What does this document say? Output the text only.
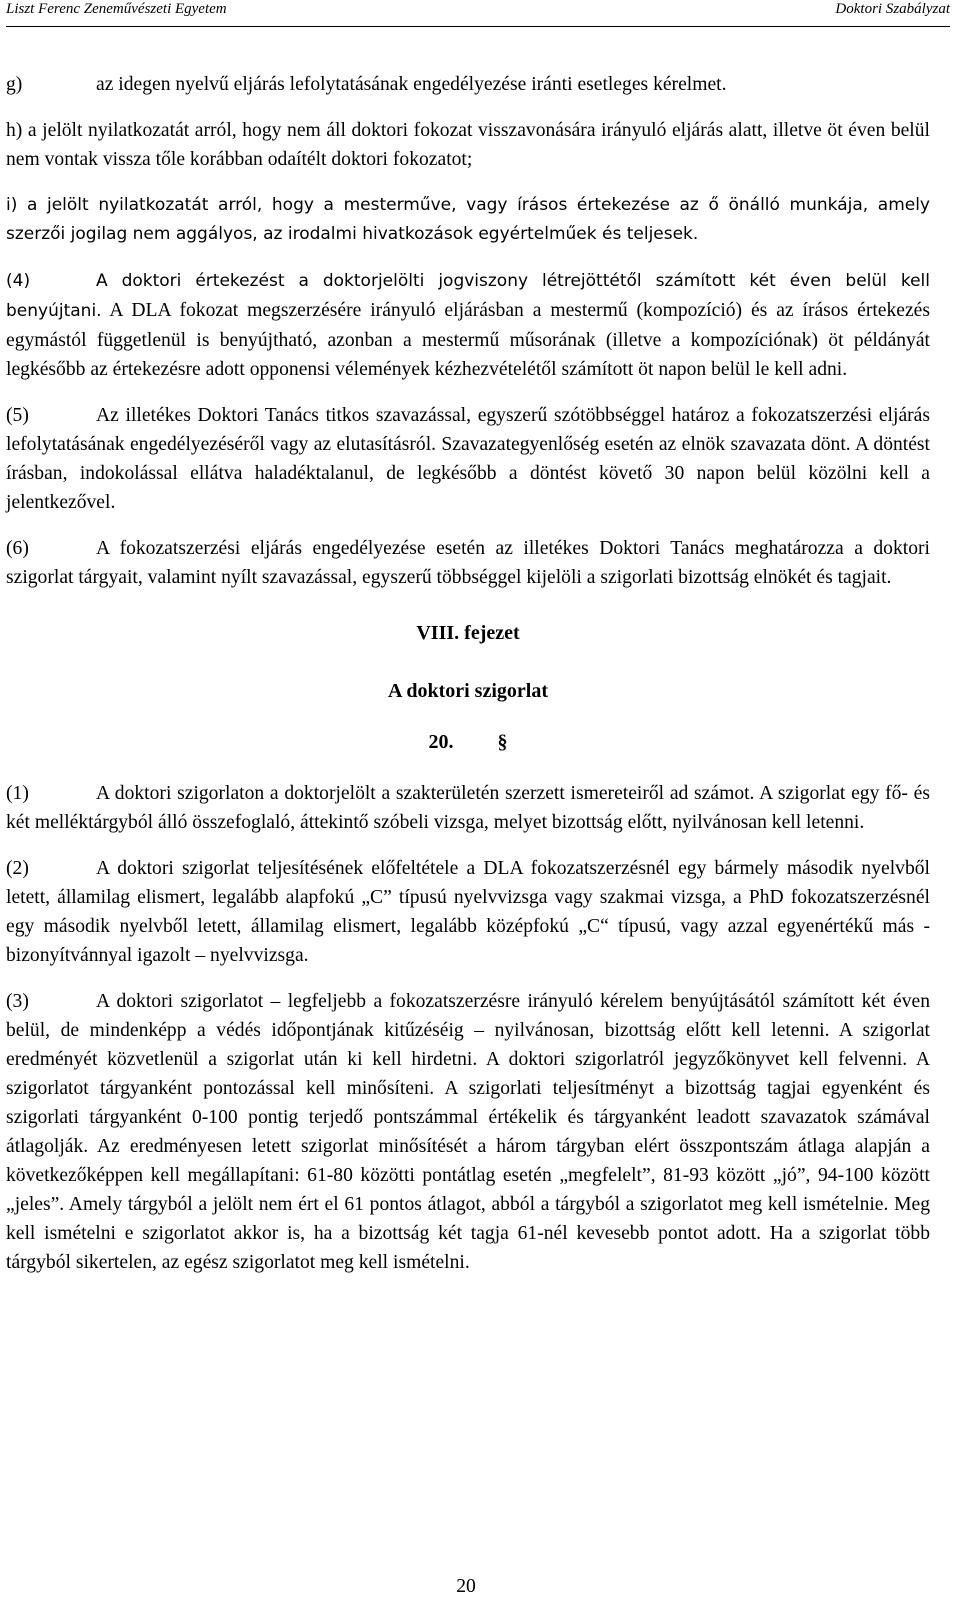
Liszt Ferenc Zeneművészeti Egyetem	Doktori Szabályzat

g)	az idegen nyelvű eljárás lefolytatásának engedélyezése iránti esetleges kérelmet.

h) a jelölt nyilatkozatát arról, hogy nem áll doktori fokozat visszavonására irányuló eljárás alatt, illetve öt éven belül nem vontak vissza tőle korábban odaítélt doktori fokozatot;

i) a jelölt nyilatkozatát arról, hogy a mesterműve, vagy írásos értekezése az ő önálló munkája, amely szerzői jogilag nem aggályos, az irodalmi hivatkozások egyértelműek és teljesek.

(4)	A doktori értekezést a doktorjelölti jogviszony létrejöttétől számított két éven belül kell benyújtani. A DLA fokozat megszerzésére irányuló eljárásban a mestermű (kompozíció) és az írásos értekezés egymástól függetlenül is benyújtható, azonban a mestermű műsorának (illetve a kompozíciónak) öt példányát legkésőbb az értekezésre adott opponensi vélemények kézhezvételétől számított öt napon belül le kell adni.

(5)	Az illetékes Doktori Tanács titkos szavazással, egyszerű szótöbbséggel határoz a fokozatszerzési eljárás lefolytatásának engedélyezéséről vagy az elutasításról. Szavazategyenlőség esetén az elnök szavazata dönt. A döntést írásban, indokolással ellátva haladéktalanul, de legkésőbb a döntést követő 30 napon belül közölni kell a jelentkezővel.

(6)	A fokozatszerzési eljárás engedélyezése esetén az illetékes Doktori Tanács meghatározza a doktori szigorlat tárgyait, valamint nyílt szavazással, egyszerű többséggel kijelöli a szigorlati bizottság elnökét és tagjait.

VIII. fejezet
A doktori szigorlat
20. §

(1)	A doktori szigorlaton a doktorjelölt a szakterületén szerzett ismereteiről ad számot. A szigorlat egy fő- és két melléktárgyból álló összefoglaló, áttekintő szóbeli vizsga, melyet bizottság előtt, nyilvánosan kell letenni.

(2)	A doktori szigorlat teljesítésének előfeltétele a DLA fokozatszerzésnél egy bármely második nyelvből letett, államilag elismert, legalább alapfokú „C” típusú nyelvvizsga vagy szakmai vizsga, a PhD fokozatszerzésnél egy második nyelvből letett, államilag elismert, legalább középfokú „C“ típusú, vagy azzal egyenértékű más - bizonyítvánnyal igazolt – nyelvvizsga.

(3)	A doktori szigorlatot – legfeljebb a fokozatszerzésre irányuló kérelem benyújtásától számított két éven belül, de mindenképp a védés időpontjának kitűzéséig – nyilvánosan, bizottság előtt kell letenni. A szigorlat eredményét közvetlenül a szigorlat után ki kell hirdetni. A doktori szigorlatról jegyzőkönyvet kell felvenni. A szigorlatot tárgyanként pontozással kell minősíteni. A szigorlati teljesítményt a bizottság tagjai egyenként és szigorlati tárgyanként 0-100 pontig terjedő pontszámmal értékelik és tárgyanként leadott szavazatok számával átlagolják. Az eredményesen letett szigorlat minősítését a három tárgyban elért összpontszám átlaga alapján a következőképpen kell megállapítani: 61-80 közötti pontátlag esetén „megfelelt”, 81-93 között „jó”, 94-100 között „jeles”. Amely tárgyból a jelölt nem ért el 61 pontos átlagot, abból a tárgyból a szigorlatot meg kell ismételnie. Meg kell ismételni e szigorlatot akkor is, ha a bizottság két tagja 61-nél kevesebb pontot adott. Ha a szigorlat több tárgyból sikertelen, az egész szigorlatot meg kell ismételni.

20
